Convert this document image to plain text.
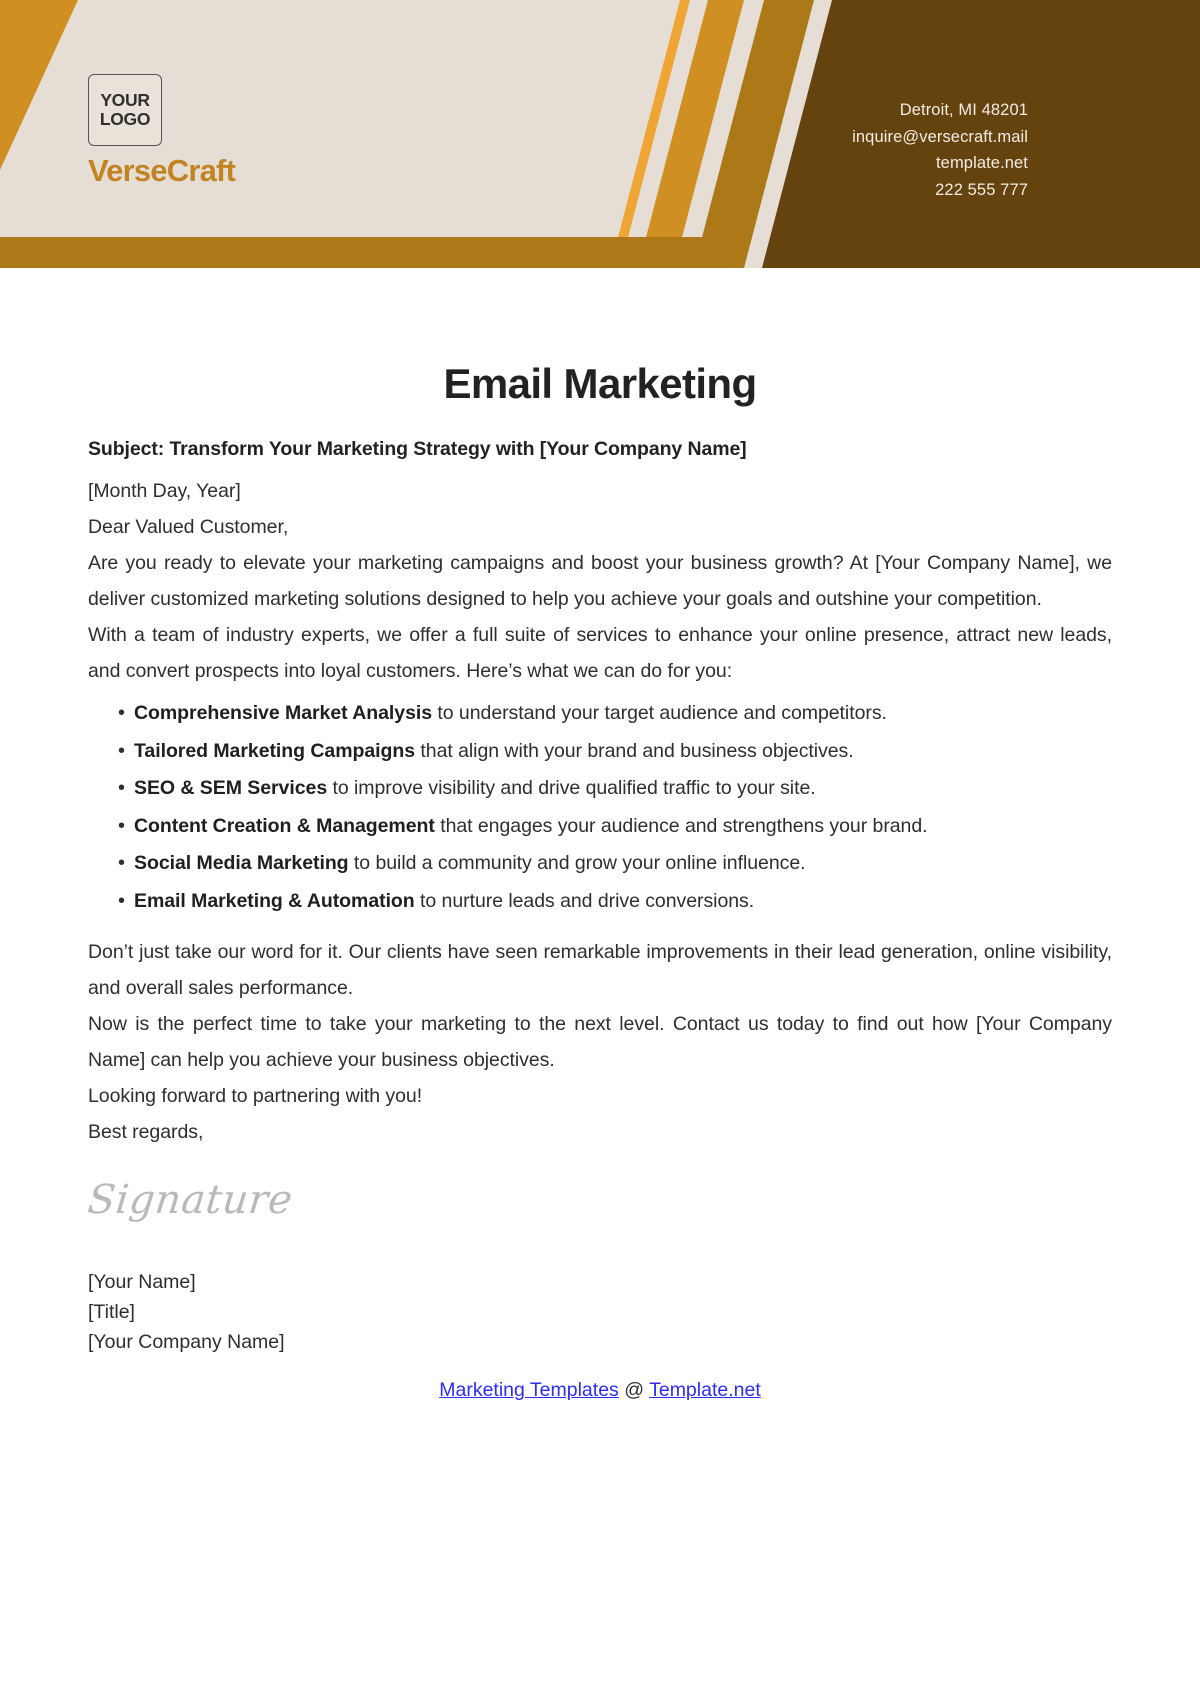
YOUR
LOGO
VerseCraft
Detroit, MI 48201
inquire@versecraft.mail
template.net
222 555 777
Email Marketing
Subject: Transform Your Marketing Strategy with [Your Company Name]

[Month Day, Year]

Dear Valued Customer,

Are you ready to elevate your marketing campaigns and boost your business growth? At [Your Company Name], we deliver customized marketing solutions designed to help you achieve your goals and outshine your competition.

With a team of industry experts, we offer a full suite of services to enhance your online presence, attract new leads, and convert prospects into loyal customers. Here’s what we can do for you:

• Comprehensive Market Analysis to understand your target audience and competitors.
• Tailored Marketing Campaigns that align with your brand and business objectives.
• SEO & SEM Services to improve visibility and drive qualified traffic to your site.
• Content Creation & Management that engages your audience and strengthens your brand.
• Social Media Marketing to build a community and grow your online influence.
• Email Marketing & Automation to nurture leads and drive conversions.

Don’t just take our word for it. Our clients have seen remarkable improvements in their lead generation, online visibility, and overall sales performance.

Now is the perfect time to take your marketing to the next level. Contact us today to find out how [Your Company Name] can help you achieve your business objectives.

Looking forward to partnering with you!

Best regards,

Signature
[Your Name]
[Title]
[Your Company Name]
Marketing Templates @ Template.net
